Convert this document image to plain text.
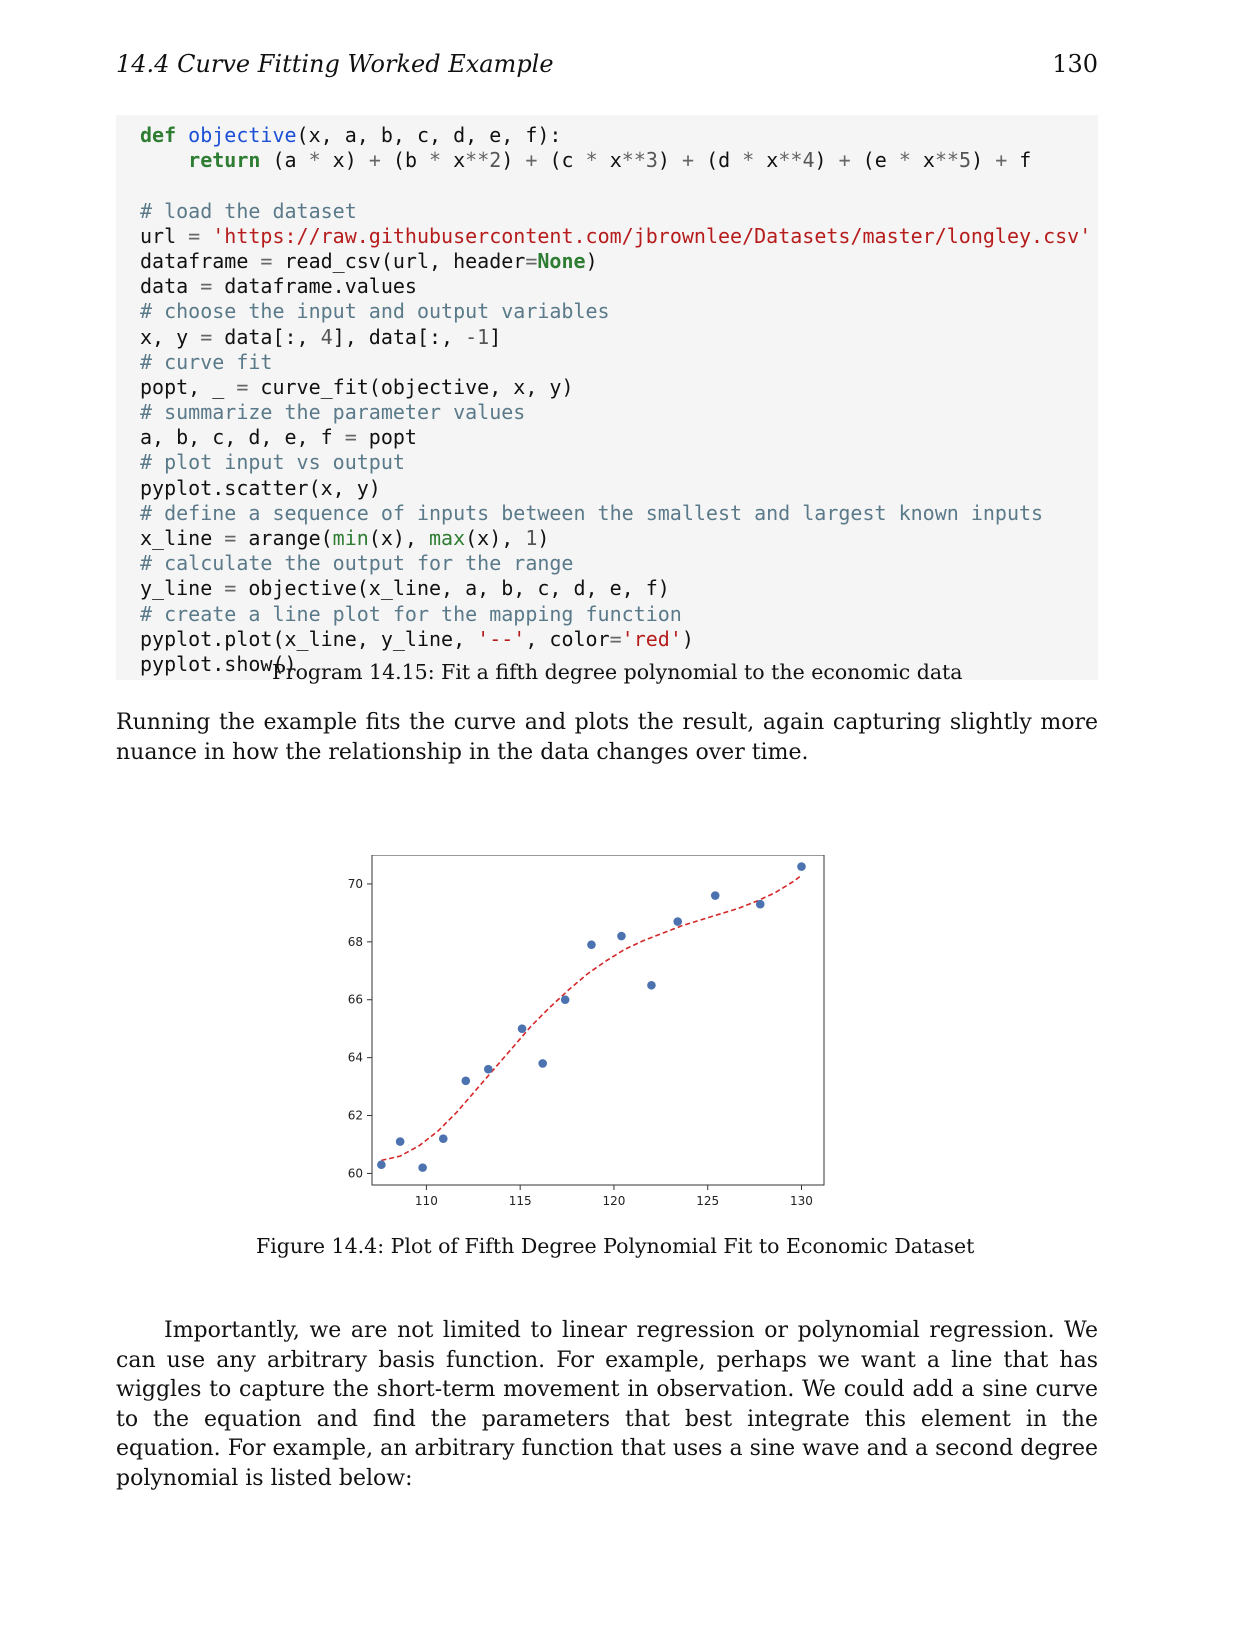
14.4 Curve Fitting Worked Example	130
def objective(x, a, b, c, d, e, f):
return (a * x) + (b * x**2) + (c * x**3) + (d * x**4) + (e * x**5) + f

# load the dataset
url = 'https://raw.githubusercontent.com/jbrownlee/Datasets/master/longley.csv'
dataframe = read_csv(url, header=None)
data = dataframe.values
# choose the input and output variables
x, y = data[:, 4], data[:, -1]
# curve fit
popt, _ = curve_fit(objective, x, y)
# summarize the parameter values
a, b, c, d, e, f = popt
# plot input vs output
pyplot.scatter(x, y)
# define a sequence of inputs between the smallest and largest known inputs
x_line = arange(min(x), max(x), 1)
# calculate the output for the range
y_line = objective(x_line, a, b, c, d, e, f)
# create a line plot for the mapping function
pyplot.plot(x_line, y_line, '--', color='red')
pyplot.show()
Program 14.15: Fit a fifth degree polynomial to the economic data
Running the example fits the curve and plots the result, again capturing slightly more nuance in how the relationship in the data changes over time.
60
62
64
66
68
70
110	115	120	125	130
Figure 14.4: Plot of Fifth Degree Polynomial Fit to Economic Dataset
Importantly, we are not limited to linear regression or polynomial regression. We can use any arbitrary basis function. For example, perhaps we want a line that has wiggles to capture the short-term movement in observation. We could add a sine curve to the equation and find the parameters that best integrate this element in the equation. For example, an arbitrary function that uses a sine wave and a second degree polynomial is listed below:
